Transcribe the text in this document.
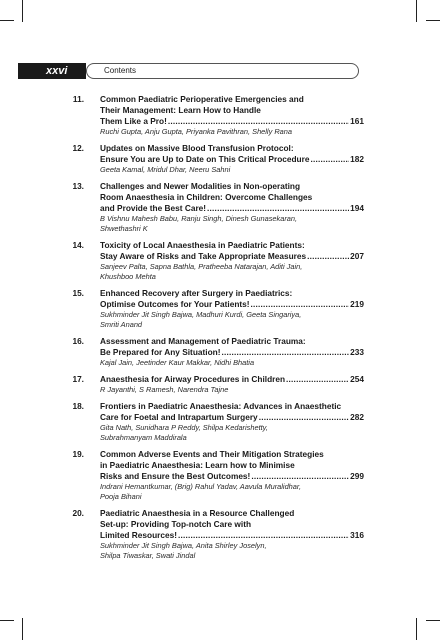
xxvi	Contents
11. Common Paediatric Perioperative Emergencies and
Their Management: Learn How to Handle
Them Like a Pro! .....	161
Ruchi Gupta, Anju Gupta, Priyanka Pavithran, Shelly Rana
12. Updates on Massive Blood Transfusion Protocol:
Ensure You are Up to Date on This Critical Procedure .....	182
Geeta Kamal, Mridul Dhar, Neeru Sahni
13. Challenges and Newer Modalities in Non-operating
Room Anaesthesia in Children: Overcome Challenges
and Provide the Best Care! .....	194
B Vishnu Mahesh Babu, Ranju Singh, Dinesh Gunasekaran,
Shwethashri K
14. Toxicity of Local Anaesthesia in Paediatric Patients:
Stay Aware of Risks and Take Appropriate Measures .....	207
Sanjeev Palta, Sapna Bathla, Pratheeba Natarajan, Aditi Jain,
Khushboo Mehta
15. Enhanced Recovery after Surgery in Paediatrics:
Optimise Outcomes for Your Patients! .....	219
Sukhminder Jit Singh Bajwa, Madhuri Kurdi, Geeta Singariya,
Smriti Anand
16. Assessment and Management of Paediatric Trauma:
Be Prepared for Any Situation! .....	233
Kajal Jain, Jeetinder Kaur Makkar, Nidhi Bhatia
17. Anaesthesia for Airway Procedures in Children .....	254
R Jayanthi, S Ramesh, Narendra Tajne
18. Frontiers in Paediatric Anaesthesia: Advances in Anaesthetic
Care for Foetal and Intrapartum Surgery .....	282
Gita Nath, Sunidhara P Reddy, Shilpa Kedarishetty,
Subrahmanyam Maddirala
19. Common Adverse Events and Their Mitigation Strategies
in Paediatric Anaesthesia: Learn how to Minimise
Risks and Ensure the Best Outcomes! .....	299
Indrani Hemantkumar, (Brig) Rahul Yadav, Aavula Muralidhar,
Pooja Bihani
20. Paediatric Anaesthesia in a Resource Challenged
Set-up: Providing Top-notch Care with
Limited Resources! .....	316
Sukhminder Jit Singh Bajwa, Anita Shirley Joselyn,
Shilpa Tiwaskar, Swati Jindal
